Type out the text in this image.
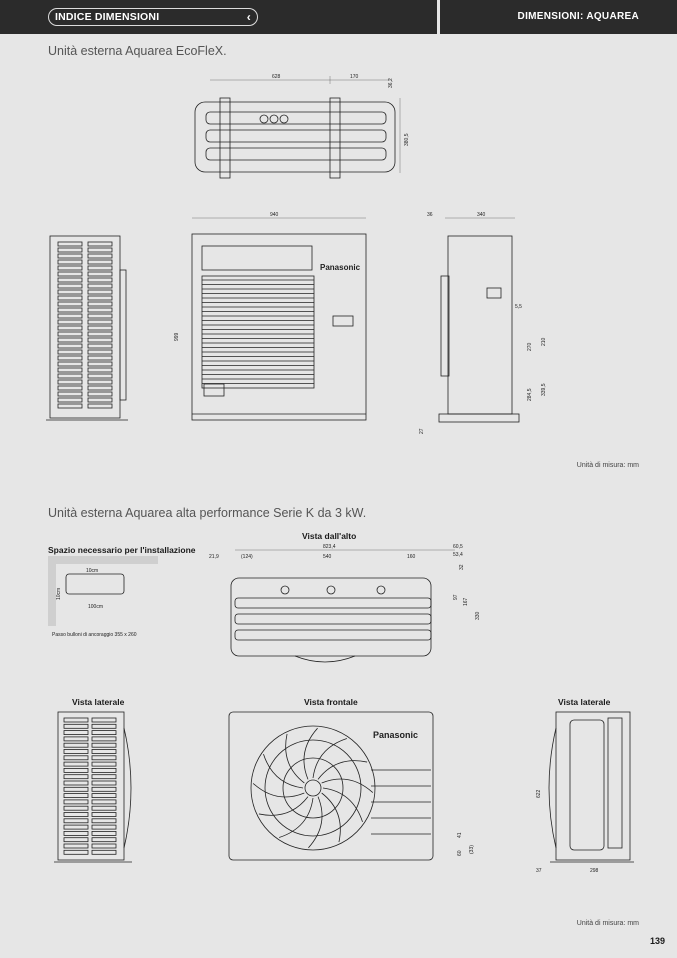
INDICE DIMENSIONI	‹	DIMENSIONI: AQUAREA
Unità esterna Aquarea EcoFleX.
628	170
36,2
380,5
940
999
Panasonic
36	340
5,5
270
210
284,5 339,5
27
Unità di misura: mm
Unità esterna Aquarea alta performance Serie K da 3 kW.
Spazio necessario per l'installazione
10cm
10cm
100cm
Passo bulloni di ancoraggio 355 x 260
Vista dall'alto
823,4
21,9	(124)	540	160
60,5
53,4
32
97
167
330
Vista laterale	Vista frontale
Panasonic
41
60 (33)
Vista laterale
622
37	298
Unità di misura: mm
139
